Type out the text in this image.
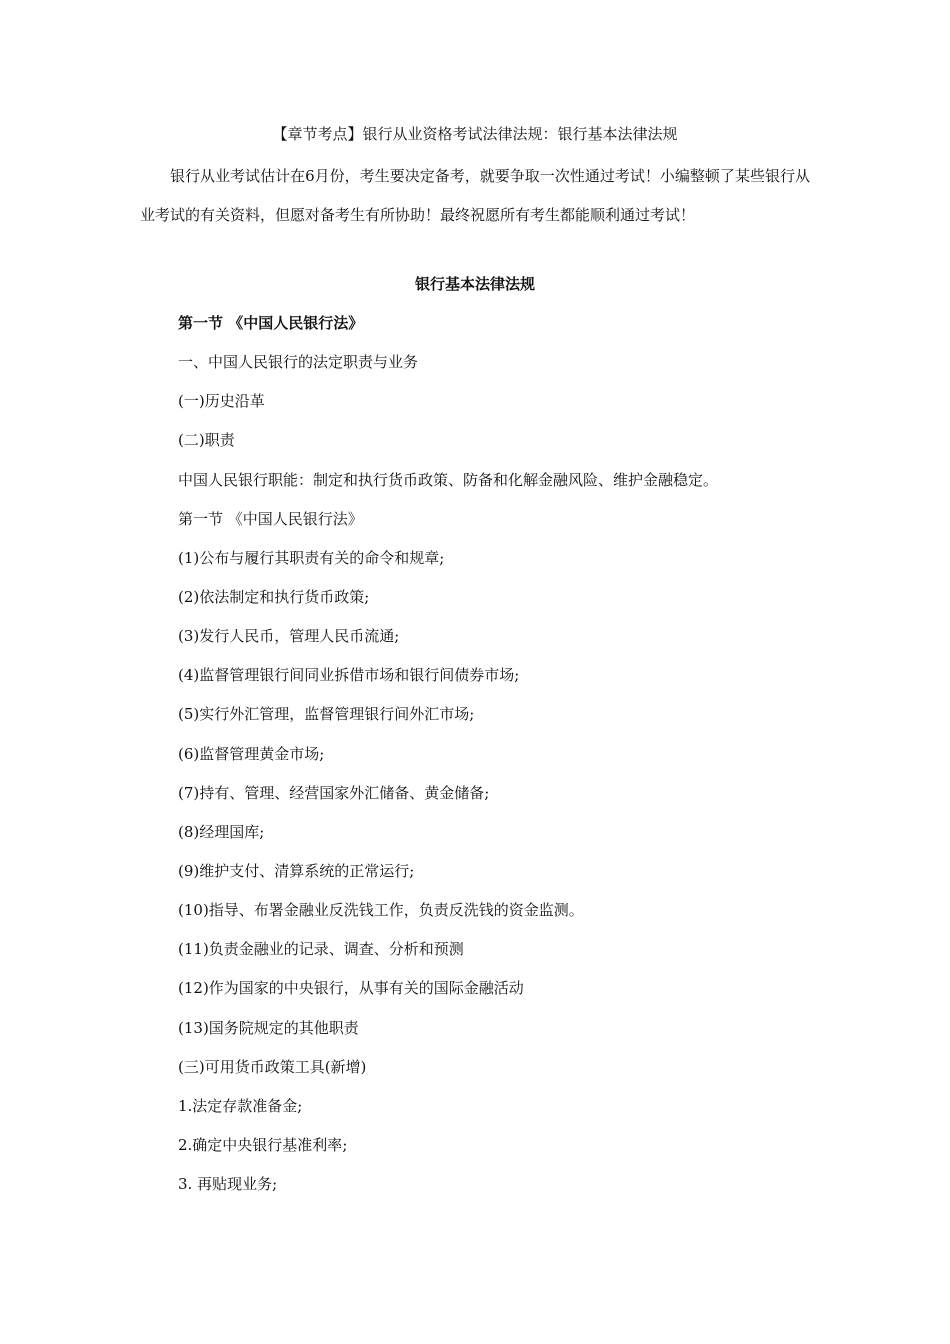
【章节考点】银行从业资格考试法律法规：银行基本法律法规
银行从业考试估计在6月份，考生要决定备考，就要争取一次性通过考试！小编整顿了某些银行从业考试的有关资料，但愿对备考生有所协助！最终祝愿所有考生都能顺利通过考试！
银行基本法律法规
第一节 《中国人民银行法》
一、中国人民银行的法定职责与业务
(一)历史沿革
(二)职责
中国人民银行职能：制定和执行货币政策、防备和化解金融风险、维护金融稳定。
第一节 《中国人民银行法》
(1)公布与履行其职责有关的命令和规章;
(2)依法制定和执行货币政策;
(3)发行人民币，管理人民币流通;
(4)监督管理银行间同业拆借市场和银行间债券市场;
(5)实行外汇管理，监督管理银行间外汇市场;
(6)监督管理黄金市场;
(7)持有、管理、经营国家外汇储备、黄金储备;
(8)经理国库;
(9)维护支付、清算系统的正常运行;
(10)指导、布署金融业反洗钱工作，负责反洗钱的资金监测。
(11)负责金融业的记录、调查、分析和预测
(12)作为国家的中央银行，从事有关的国际金融活动
(13)国务院规定的其他职责
(三)可用货币政策工具(新增)
1.法定存款准备金;
2.确定中央银行基准利率;
3. 再贴现业务;
